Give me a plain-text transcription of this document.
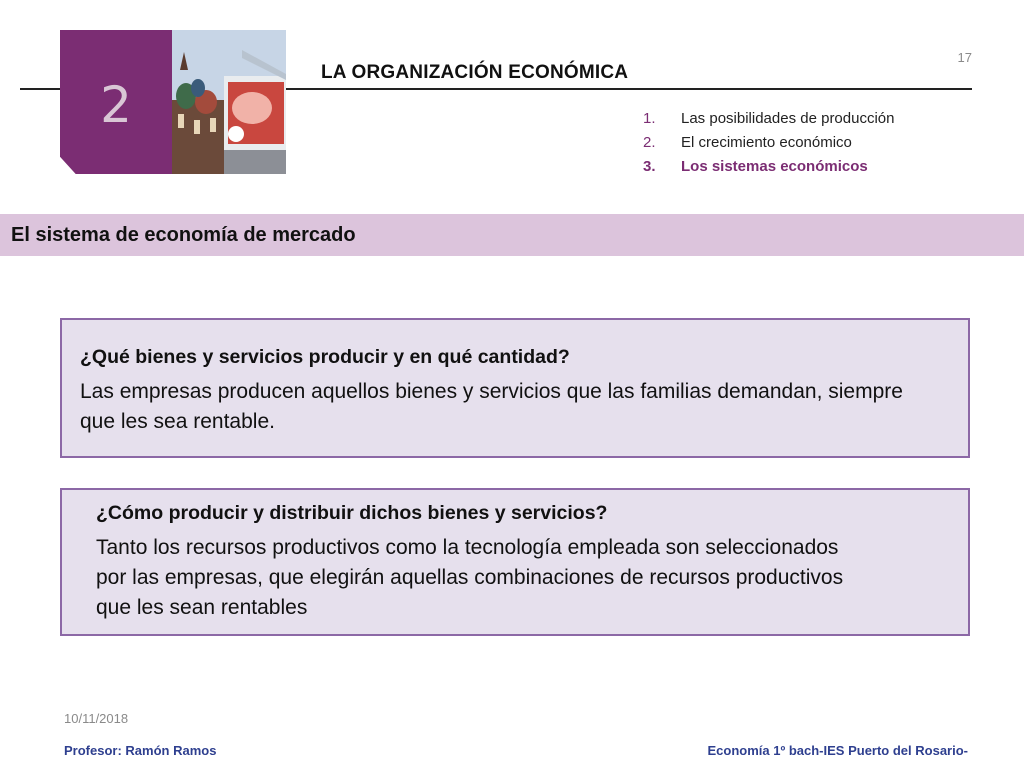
17
2
LA ORGANIZACIÓN ECONÓMICA
1.	Las posibilidades de producción
2.	El crecimiento económico
3.	Los sistemas económicos
El sistema de economía de mercado
¿Qué bienes y servicios producir y en qué cantidad?
Las empresas producen aquellos bienes y servicios que las familias demandan, siempre que les sea rentable.
¿Cómo producir y distribuir dichos bienes y servicios?
Tanto los recursos productivos como la tecnología empleada son seleccionados por las empresas, que elegirán aquellas combinaciones de recursos productivos que les sean rentables
10/11/2018
Profesor: Ramón Ramos	Economía 1º bach-IES Puerto del Rosario-
